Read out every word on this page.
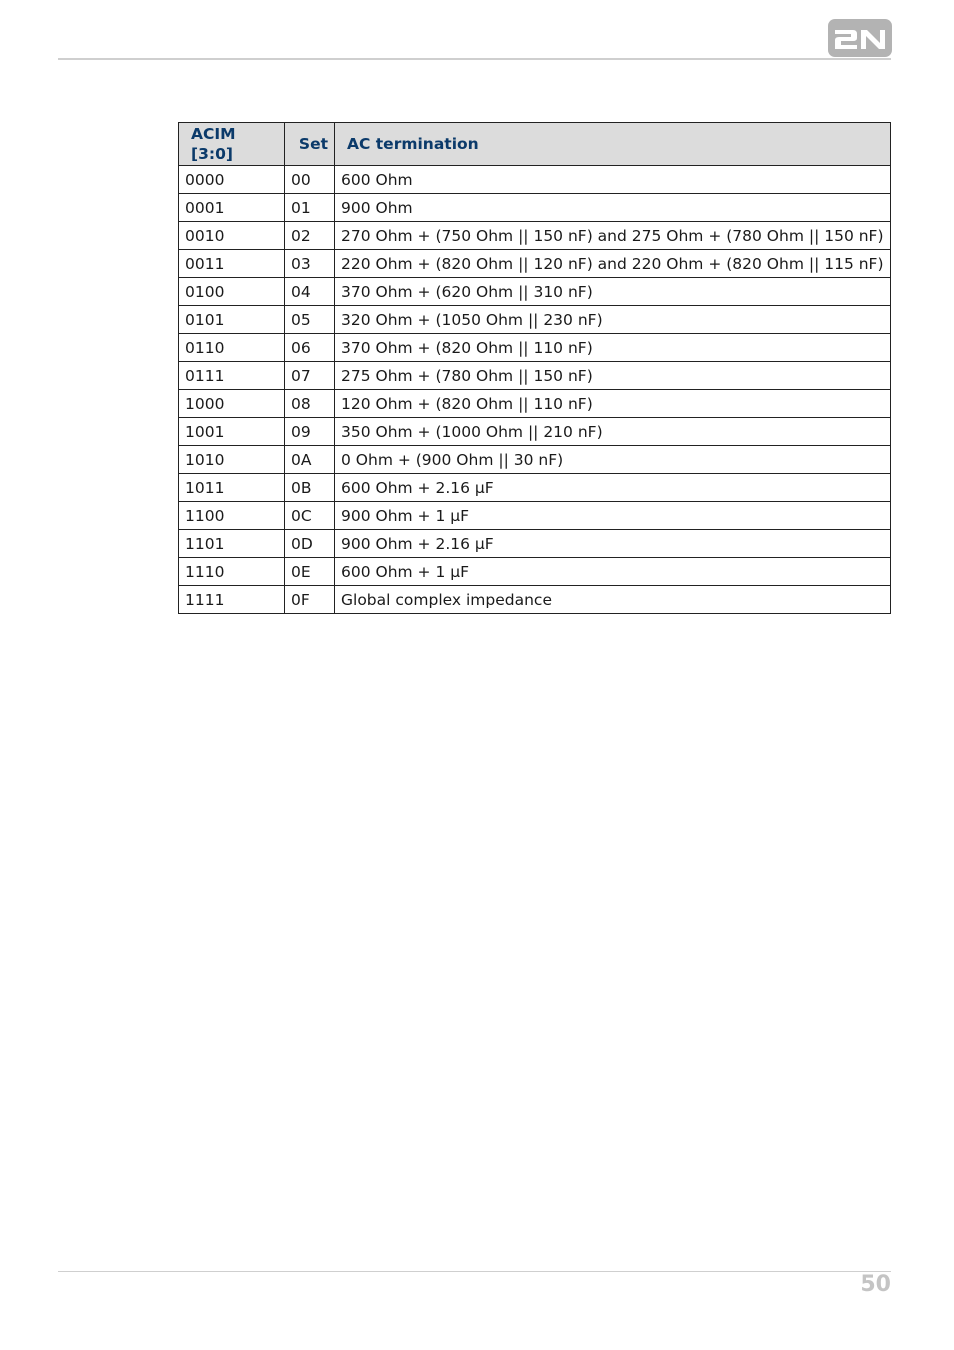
ACIM [3:0]	Set	AC termination
0000	00	600 Ohm
0001	01	900 Ohm
0010	02	270 Ohm + (750 Ohm || 150 nF) and 275 Ohm + (780 Ohm || 150 nF)
0011	03	220 Ohm + (820 Ohm || 120 nF) and 220 Ohm + (820 Ohm || 115 nF)
0100	04	370 Ohm + (620 Ohm || 310 nF)
0101	05	320 Ohm + (1050 Ohm || 230 nF)
0110	06	370 Ohm + (820 Ohm || 110 nF)
0111	07	275 Ohm + (780 Ohm || 150 nF)
1000	08	120 Ohm + (820 Ohm || 110 nF)
1001	09	350 Ohm + (1000 Ohm || 210 nF)
1010	0A	0 Ohm + (900 Ohm || 30 nF)
1011	0B	600 Ohm + 2.16 μF
1100	0C	900 Ohm + 1 μF
1101	0D	900 Ohm + 2.16 μF
1110	0E	600 Ohm + 1 μF
1111	0F	Global complex impedance
50
